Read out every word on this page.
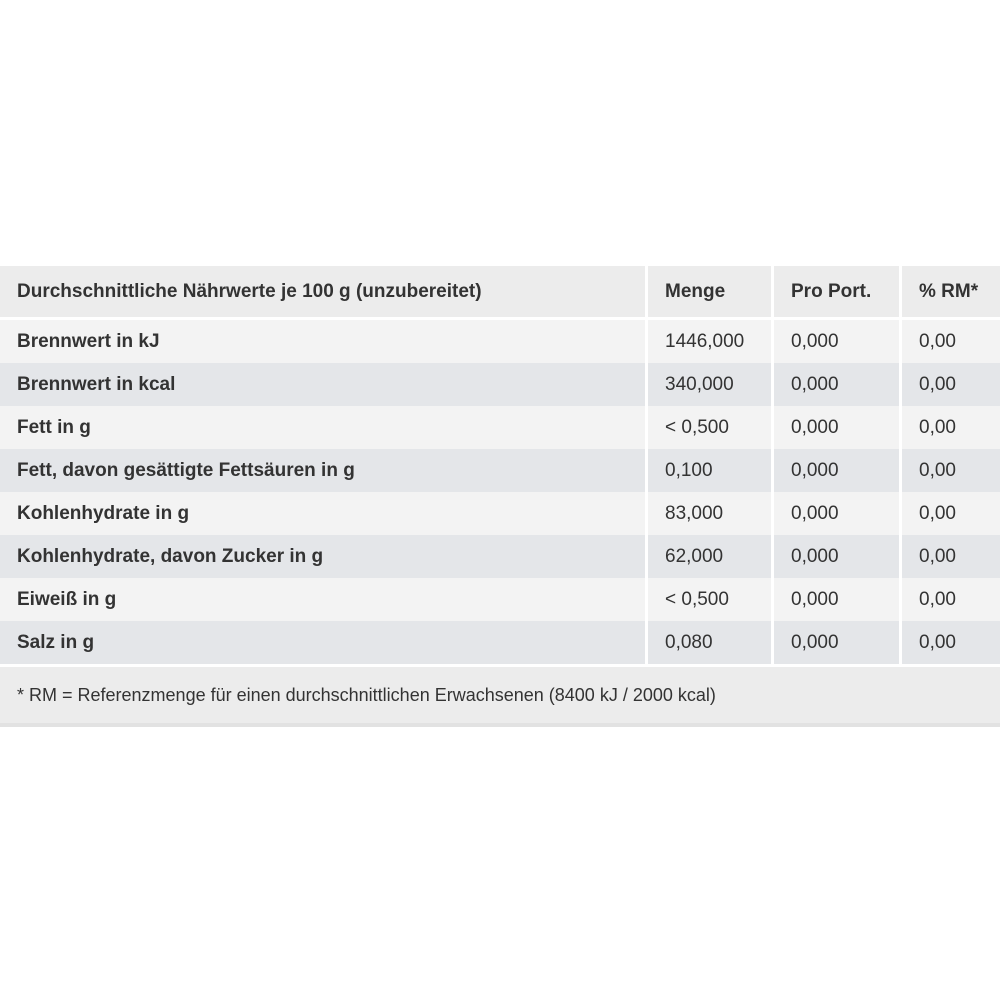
Durchschnittliche Nährwerte je 100 g (unzubereitet)	Menge	Pro Port.	% RM*
Brennwert in kJ	1446,000	0,000	0,00
Brennwert in kcal	340,000	0,000	0,00
Fett in g	< 0,500	0,000	0,00
Fett, davon gesättigte Fettsäuren in g	0,100	0,000	0,00
Kohlenhydrate in g	83,000	0,000	0,00
Kohlenhydrate, davon Zucker in g	62,000	0,000	0,00
Eiweiß in g	< 0,500	0,000	0,00
Salz in g	0,080	0,000	0,00
* RM = Referenzmenge für einen durchschnittlichen Erwachsenen (8400 kJ / 2000 kcal)
